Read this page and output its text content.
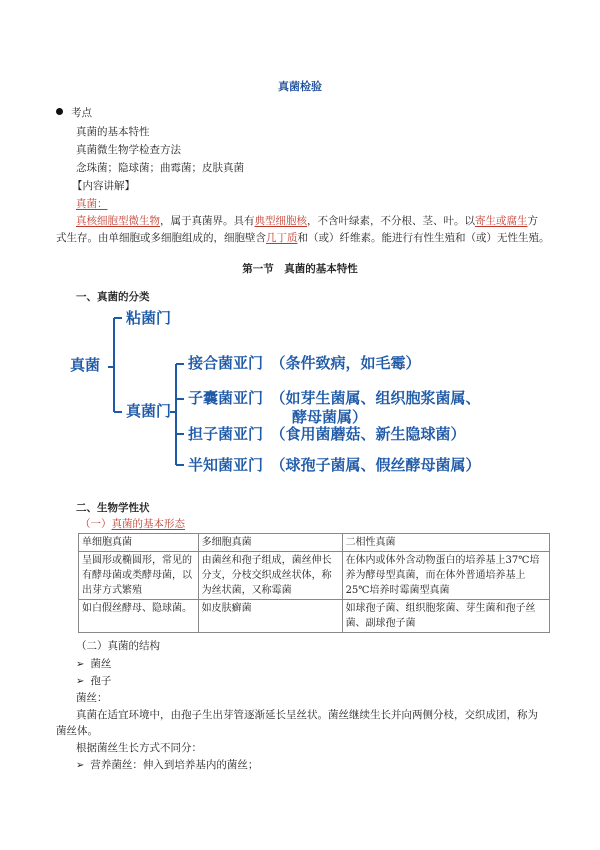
真菌检验
考点
真菌的基本特性
真菌微生物学检查方法
念珠菌；隐球菌；曲霉菌；皮肤真菌
【内容讲解】
真菌：
真核细胞型微生物，属于真菌界。具有典型细胞核，不含叶绿素，不分根、茎、叶。以寄生或腐生方
式生存。由单细胞或多细胞组成的，细胞壁含几丁质和（或）纤维素。能进行有性生殖和（或）无性生殖。
第一节　真菌的基本特性
一、真菌的分类
真菌
粘菌门
真菌门
接合菌亚门　（条件致病，如毛霉）
子囊菌亚门　（如芽生菌属、组织胞浆菌属、
酵母菌属）
担子菌亚门　（食用菌蘑菇、新生隐球菌）
半知菌亚门　（球孢子菌属、假丝酵母菌属）
二、生物学性状
（一）真菌的基本形态
单细胞真菌	多细胞真菌	二相性真菌
呈圆形或椭圆形，常见的有酵母菌或类酵母菌，以出芽方式繁殖	由菌丝和孢子组成，菌丝伸长分支，分枝交织成丝状体，称为丝状菌，又称霉菌	在体内或体外含动物蛋白的培养基上37℃培养为酵母型真菌，而在体外普通培养基上25℃培养时霉菌型真菌
如白假丝酵母、隐球菌。	如皮肤癣菌	如球孢子菌、组织胞浆菌、芽生菌和孢子丝菌、副球孢子菌
（二）真菌的结构
➢ 菌丝
➢ 孢子
菌丝：
真菌在适宜环境中，由孢子生出芽管逐渐延长呈丝状。菌丝继续生长并向两侧分枝，交织成团，称为
菌丝体。
根据菌丝生长方式不同分：
➢ 营养菌丝：伸入到培养基内的菌丝；
